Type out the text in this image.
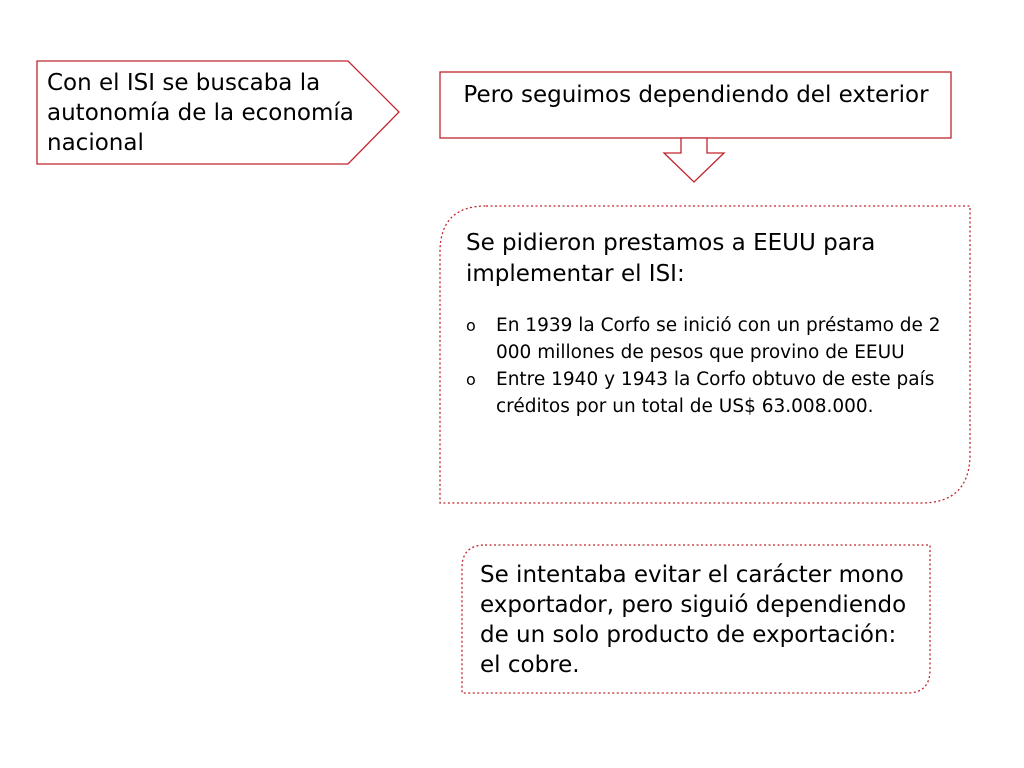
Con el ISI se buscaba la autonomía de la economía nacional

Pero seguimos dependiendo del exterior

Se pidieron prestamos a EEUU para implementar el ISI:

o En 1939 la Corfo se inició con un préstamo de 2 000 millones de pesos que provino de EEUU
o Entre 1940 y 1943 la Corfo obtuvo de este país créditos por un total de US$ 63.008.000.

Se intentaba evitar el carácter mono exportador, pero siguió dependiendo de un solo producto de exportación: el cobre.
